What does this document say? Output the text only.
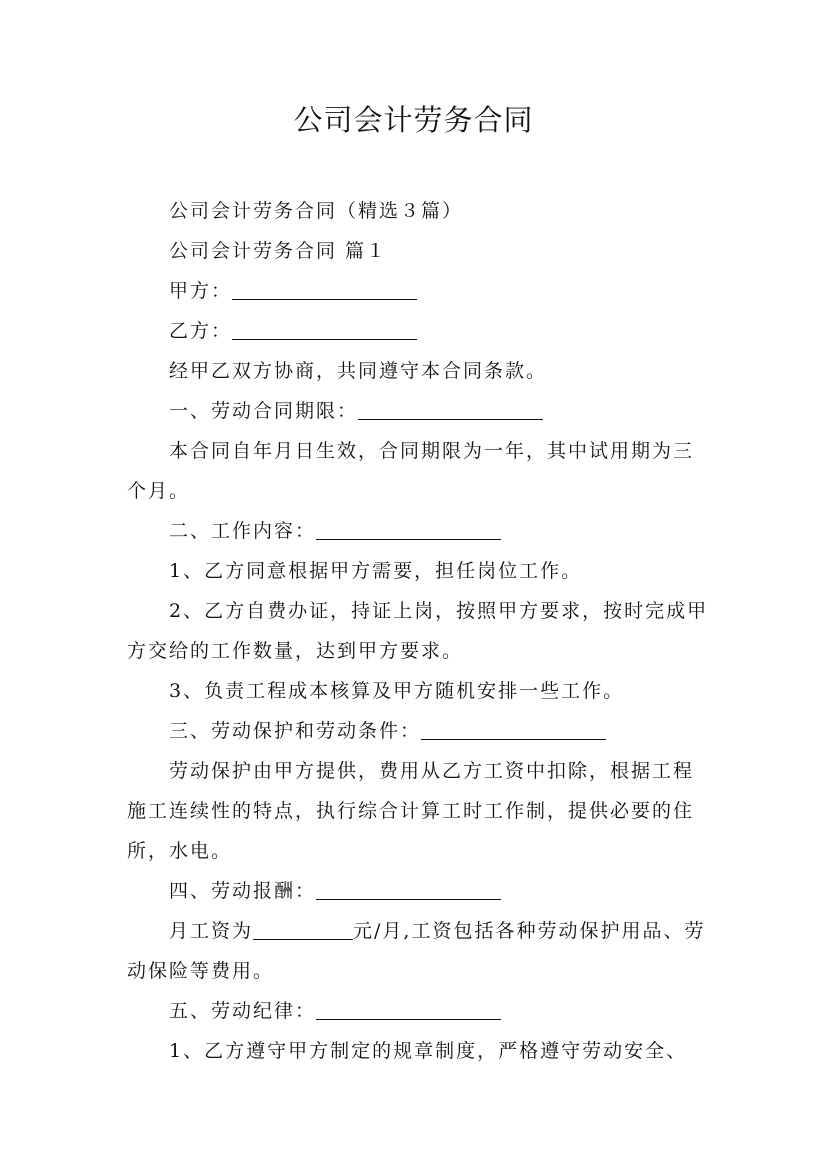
公司会计劳务合同

公司会计劳务合同（精选３篇）

公司会计劳务合同 篇１

甲方：

乙方：

经甲乙双方协商，共同遵守本合同条款。

一、劳动合同期限：

本合同自年月日生效，合同期限为一年，其中试用期为三个月。

二、工作内容：

1、乙方同意根据甲方需要，担任岗位工作。

2、乙方自费办证，持证上岗，按照甲方要求，按时完成甲方交给的工作数量，达到甲方要求。

3、负责工程成本核算及甲方随机安排一些工作。

三、劳动保护和劳动条件：

劳动保护由甲方提供，费用从乙方工资中扣除，根据工程施工连续性的特点，执行综合计算工时工作制，提供必要的住所，水电。

四、劳动报酬：

月工资为	元/月,工资包括各种劳动保护用品、劳动保险等费用。

五、劳动纪律：

1、乙方遵守甲方制定的规章制度，严格遵守劳动安全、
